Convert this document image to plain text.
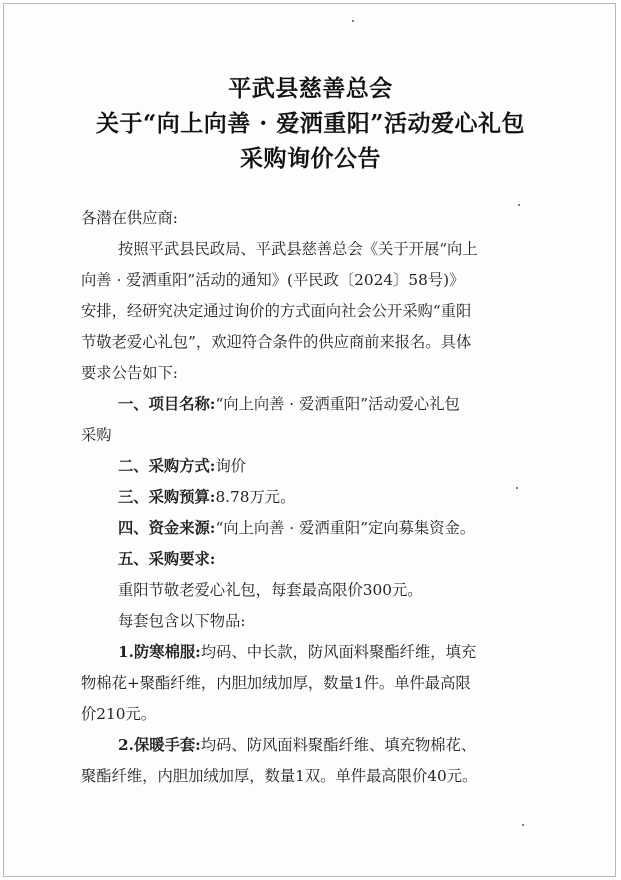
平武县慈善总会
关于“向上向善 · 爱洒重阳”活动爱心礼包
采购询价公告
各潜在供应商:
按照平武县民政局、平武县慈善总会《关于开展“向上
向善 · 爱洒重阳”活动的通知》(平民政〔2024〕58号)》
安排，经研究决定通过询价的方式面向社会公开采购“重阳
节敬老爱心礼包”，欢迎符合条件的供应商前来报名。具体
要求公告如下:
一、项目名称:“向上向善 · 爱洒重阳”活动爱心礼包
采购
二、采购方式:询价
三、采购预算:8.78万元。
四、资金来源:“向上向善 · 爱洒重阳”定向募集资金。
五、采购要求:
重阳节敬老爱心礼包，每套最高限价300元。
每套包含以下物品:
1.防寒棉服:均码、中长款，防风面料聚酯纤维，填充
物棉花+聚酯纤维，内胆加绒加厚，数量1件。单件最高限
价210元。
2.保暖手套:均码、防风面料聚酯纤维、填充物棉花、
聚酯纤维，内胆加绒加厚，数量1双。单件最高限价40元。
